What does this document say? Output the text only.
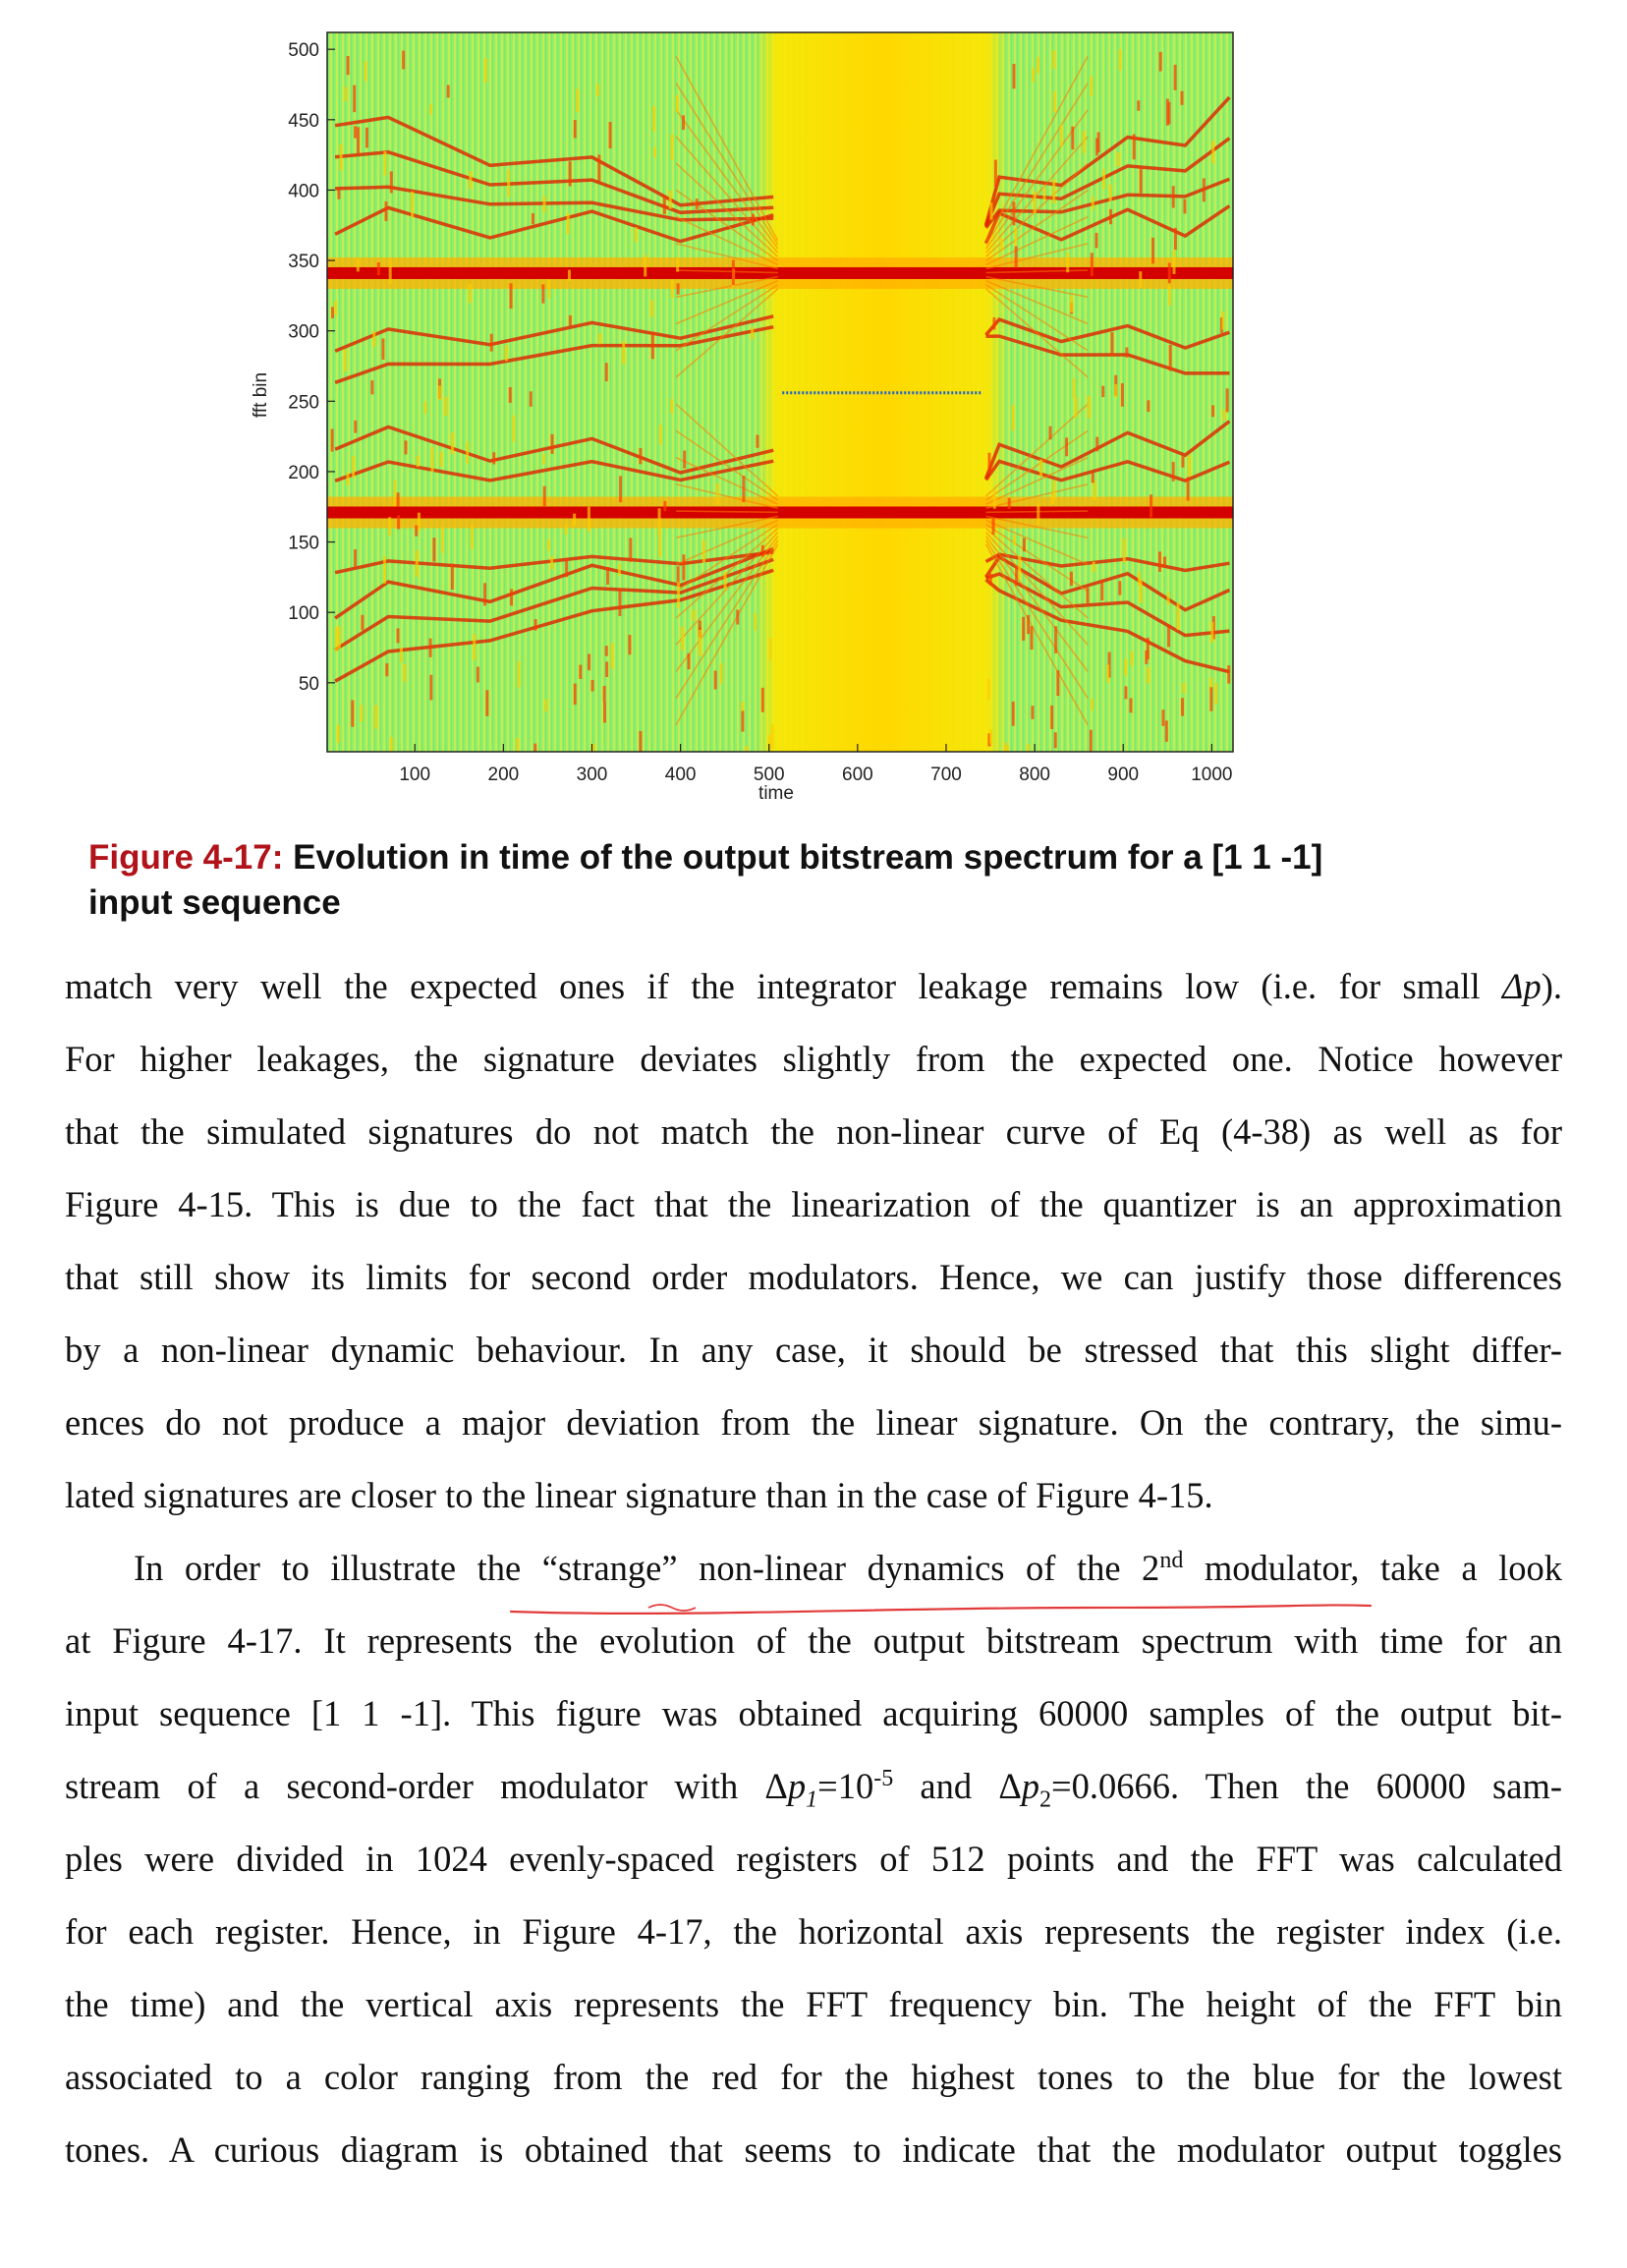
100	200	300	400	500	600	700	800	900	1000
50
100
150
200
250
300
350
400
450
500
time
fft bin
Figure 4-17: Evolution in time of the output bitstream spectrum for a [1 1 -1]
input sequence
match very well the expected ones if the integrator leakage remains low (i.e. for small Δp).
For higher leakages, the signature deviates slightly from the expected one. Notice however
that the simulated signatures do not match the non-linear curve of Eq (4-38) as well as for
Figure 4-15. This is due to the fact that the linearization of the quantizer is an approximation
that still show its limits for second order modulators. Hence, we can justify those differences
by a non-linear dynamic behaviour. In any case, it should be stressed that this slight differ-
ences do not produce a major deviation from the linear signature. On the contrary, the simu-
lated signatures are closer to the linear signature than in the case of Figure 4-15.
In order to illustrate the “strange” non-linear dynamics of the 2nd modulator, take a look
at Figure 4-17. It represents the evolution of the output bitstream spectrum with time for an
input sequence [1 1 -1]. This figure was obtained acquiring 60000 samples of the output bit-
stream of a second-order modulator with $\Delta p_1=10^{-5}$ and $\Delta p_2=0.0666$. Then the 60000 sam-
ples were divided in 1024 evenly-spaced registers of 512 points and the FFT was calculated
for each register. Hence, in Figure 4-17, the horizontal axis represents the register index (i.e.
the time) and the vertical axis represents the FFT frequency bin. The height of the FFT bin
associated to a color ranging from the red for the highest tones to the blue for the lowest
tones. A curious diagram is obtained that seems to indicate that the modulator output toggles
